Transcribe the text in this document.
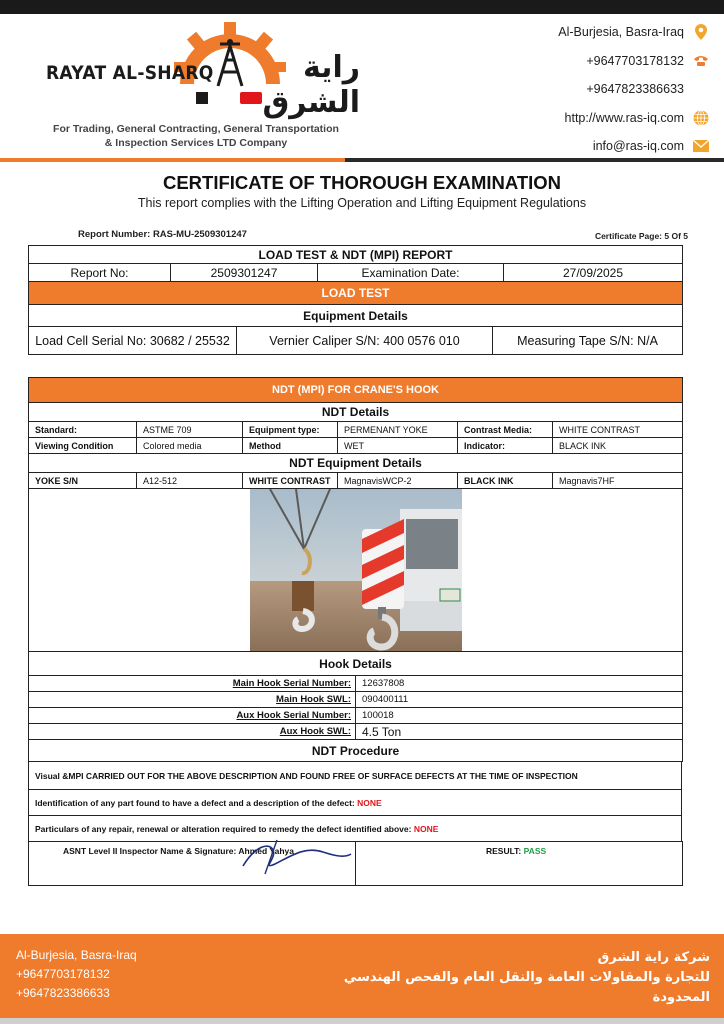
RAYAT AL-SHARQ	راية الشرق
For Trading, General Contracting, General Transportation
& Inspection Services LTD Company
Al-Burjesia, Basra-Iraq
+9647703178132
+9647823386633
http://www.ras-iq.com
info@ras-iq.com
CERTIFICATE OF THOROUGH EXAMINATION
This report complies with the Lifting Operation and Lifting Equipment Regulations
Report Number: RAS-MU-2509301247	Certificate Page: 5 Of 5
LOAD TEST & NDT (MPI) REPORT
Report No:	2509301247	Examination Date:	27/09/2025
LOAD TEST
Equipment Details
Load Cell Serial No: 30682 / 25532	Vernier Caliper S/N: 400 0576 010	Measuring Tape S/N: N/A
NDT (MPI) FOR CRANE'S HOOK					
NDT Details					
Standard:	ASTME 709	Equipment type:	PERMENANT YOKE	Contrast Media:	WHITE CONTRAST
Viewing Condition	Colored media	Method	WET	Indicator:	BLACK INK
NDT Equipment Details					
YOKE S/N	A12-512	WHITE CONTRAST	MagnavisWCP-2	BLACK INK	Magnavis7HF

Hook Details					
Main Hook Serial Number:	12637808
Main Hook SWL:	090400111
Aux Hook Serial Number:	100018
Aux Hook SWL:	4.5 Ton
NDT Procedure
Visual &MPI CARRIED OUT FOR THE ABOVE DESCRIPTION AND FOUND FREE OF SURFACE DEFECTS AT THE TIME OF INSPECTION
Identification of any part found to have a defect and a description of the defect: NONE
Particulars of any repair, renewal or alteration required to remedy the defect identified above: NONE
ASNT Level II Inspector Name & Signature: Ahmed Yahya	RESULT: PASS
Al-Burjesia, Basra-Iraq
+9647703178132
+9647823386633
شركة راية الشرق
للتجارة والمقاولات العامة والنقل العام والفحص الهندسي
المحدودة
